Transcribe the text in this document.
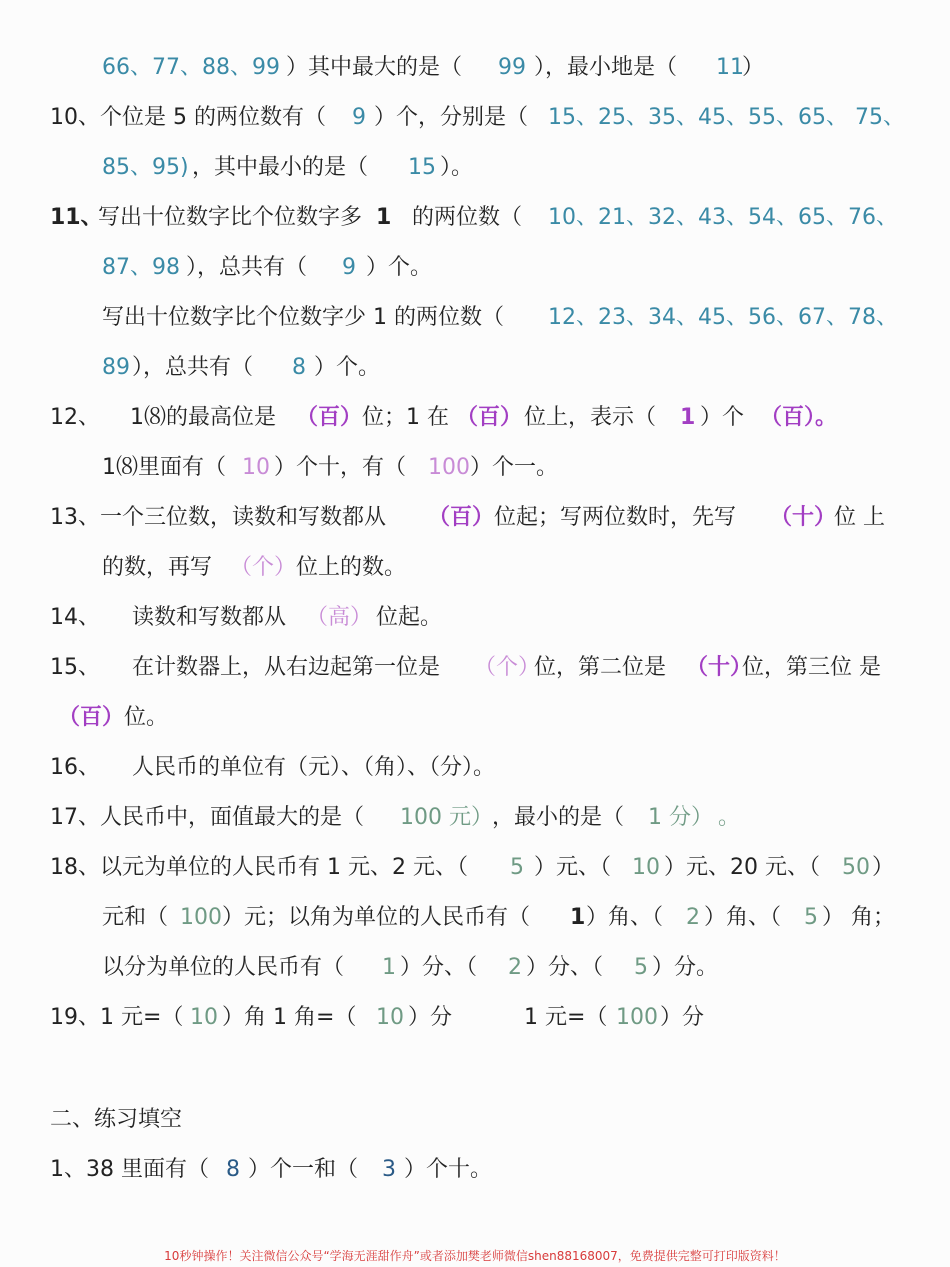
66、77、88、99 ）其中最大的是（ 99 ），最小地是（ 11
）
10、个位是 5 的两位数有（ 9 ）个，分别是（ 15、25、35、45、55、65、 75、
85、95) ，其中最小的是（ 15 ）。
11、
写出十位数字比个位数字多 1 的两位数（ 10、21、32、43、54、65、76、
87、98 ），总共有（ 9 ）个。
写出十位数字比个位数字少 1 的两位数（ 12、23、34、45、56、67、78、
89 ），总共有（ 8 ）个。
12、 1⑻的最高位是 （百） 位；1 在 （百） 位上，表示（ 1 ）个 （百）。
1⑻里面有（ 10 ）个十，有（ 100 ）个一。
13、一个三位数，读数和写数都从 （百） 位起；写两位数时，先写 （十）
位 上
的数，再写 （个） 位上的数。
14、 读数和写数都从 （高） 位起。
15、 在计数器上，从右边起第一位是 （个）
位，第二位是 （十）
位，第三位 是
（百） 位。
16、 人民币的单位有（元）、（角）、（分）。
17、人民币中，面值最大的是（ 100 元） ，最小的是（ 1 分） 。
18、以元为单位的人民币有 1 元、2 元、（ 5 ）元、（ 10 ）元、20 元、（ 50 ）
元和（ 100 ）元；以角为单位的人民币有（ 1 ）角、（ 2 ）角、（ 5 ） 角；
以分为单位的人民币有（ 1 ）分、（ 2 ）分、（ 5 ）分。
19、1 元=（ 10 ）角 1 角=（ 10 ）分	1 元=（ 100 ）分
二、练习填空
1、38 里面有（ 8 ）个一和（ 3 ）个十。
10秒钟操作！关注微信公众号“学海无涯甜作舟”或者添加樊老师微信shen88168007，免费提供完整可打印版资料！
